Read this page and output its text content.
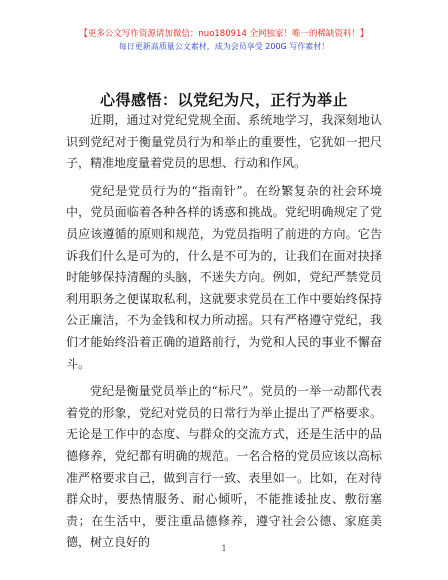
【更多公文写作资源请加微信：nuo180914 全网独家！唯一的稀缺资料！】
每日更新高质量公文素材，成为会员享受 200G 写作素材！
心得感悟：以党纪为尺，正行为举止

近期，通过对党纪党规全面、系统地学习，我深刻地认识到党纪对于衡量党员行为和举止的重要性，它犹如一把尺子，精准地度量着党员的思想、行动和作风。

党纪是党员行为的“指南针”。在纷繁复杂的社会环境中，党员面临着各种各样的诱惑和挑战。党纪明确规定了党员应该遵循的原则和规范，为党员指明了前进的方向。它告诉我们什么是可为的，什么是不可为的，让我们在面对抉择时能够保持清醒的头脑，不迷失方向。例如，党纪严禁党员利用职务之便谋取私利，这就要求党员在工作中要始终保持公正廉洁，不为金钱和权力所动摇。只有严格遵守党纪，我们才能始终沿着正确的道路前行，为党和人民的事业不懈奋斗。

党纪是衡量党员举止的“标尺”。党员的一举一动都代表着党的形象，党纪对党员的日常行为举止提出了严格要求。无论是工作中的态度、与群众的交流方式，还是生活中的品德修养，党纪都有明确的规范。一名合格的党员应该以高标准严格要求自己，做到言行一致、表里如一。比如，在对待群众时，要热情服务、耐心倾听，不能推诿扯皮、敷衍塞责；在生活中，要注重品德修养，遵守社会公德、家庭美德，树立良好的	1
